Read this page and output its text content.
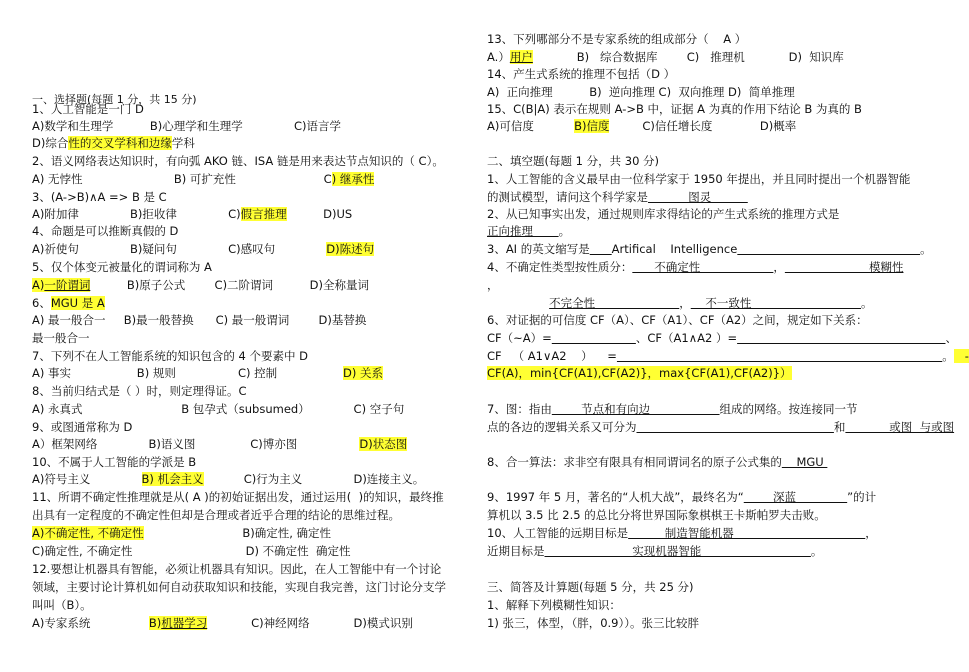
一、选择题(每题 1 分，共 15 分)
1、人工智能是一门 D
A)数学和生理学          B)心理学和生理学              C)语言学
D)综合性的交叉学科和边缘学科
2、语义网络表达知识时，有向弧 AKO 链、ISA 链是用来表达节点知识的（ C）。
A) 无悖性                         B) 可扩充性                        C) 继承性
3、(A->B)∧A => B 是 C
A)附加律              B)拒收律              C)假言推理          D)US
4、命题是可以推断真假的 D
A)祈使句              B)疑问句              C)感叹句              D)陈述句
5、仅个体变元被量化的谓词称为 A
A)一阶谓词          B)原子公式        C)二阶谓词          D)全称量词
6、MGU 是 A
A) 最一般合一     B)最一般替换      C) 最一般谓词        D)基替换
最一般合一
7、下列不在人工智能系统的知识包含的 4 个要素中 D
A) 事实                  B) 规则                 C) 控制                  D) 关系
8、当前归结式是（ ）时，则定理得证。C
A) 永真式                           B 包孕式（subsumed）            C) 空子句
9、或图通常称为 D
A）框架网络              B)语义图               C)博亦图                 D)状态图
10、不属于人工智能的学派是 B
A)符号主义              B) 机会主义           C)行为主义              D)连接主义。
11、所谓不确定性推理就是从( A )的初始证据出发，通过运用(  )的知识，最终推
出具有一定程度的不确定性但却是合理或者近乎合理的结论的思维过程。
A)不确定性, 不确定性                           B)确定性, 确定性
C)确定性, 不确定性                               D) 不确定性  确定性
12.要想让机器具有智能，必须让机器具有知识。因此，在人工智能中有一个讨论
领域，主要讨论计算机如何自动获取知识和技能，实现自我完善，这门讨论分支学
叫叫（B）。
A)专家系统                B)机器学习            C)神经网络            D)模式识别
13、下列哪部分不是专家系统的组成部分（    A ）
A.）用户            B)   综合数据库        C)   推理机            D)  知识库
14、产生式系统的推理不包括（D ）
A)  正向推理          B)  逆向推理 C)  双向推理 D)  简单推理
15、C(B|A) 表示在规则 A->B 中，证据 A 为真的作用下结论 B 为真的 B
A)可信度           B)信度         C)信任增长度             D)概率
二、填空题(每题 1 分，共 30 分)
1、人工智能的含义最早由一位科学家于 1950 年提出，并且同时提出一个机器智能
的测试模型，请问这个科学家是           图灵
2、从已知事实出发，通过规则库求得结论的产生式系统的推理方式是
正向推理       。
3、AI 的英文缩写是 Artifical    Intelligence	。
4、不确定性类型按性质分：      不确定性                    ，                       模糊性
，
不完全性                       ，    不一致性                              。
6、对证据的可信度 CF（A）、CF（A1）、CF（A2）之间，规定如下关系：
CF（~A）=	、CF（A1∧A2 ）=	、
CF   （ A1∨A2    ）    =	。   -
CF(A)，min{CF(A1),CF(A2)}，max{CF(A1),CF(A2)}）
7、图：指由        节点和有向边                   组成的网络。按连接同一节
点的各边的逻辑关系又可分为	和            或图  与或图
8、合一算法：求非空有限具有相同谓词名的原子公式集的    MGU
9、1997 年 5 月，著名的“人机大战”，最终名为“        深蓝              ”的计
算机以 3.5 比 2.5 的总比分将世界国际象棋棋王卡斯帕罗夫击败。
10、人工智能的远期目标是          制造智能机器                                    ，
近期目标是                        实现机器智能                              。
三、简答及计算题(每题 5 分，共 25 分)
1、解释下列模糊性知识：
1) 张三，体型，（胖，0.9））。张三比较胖
